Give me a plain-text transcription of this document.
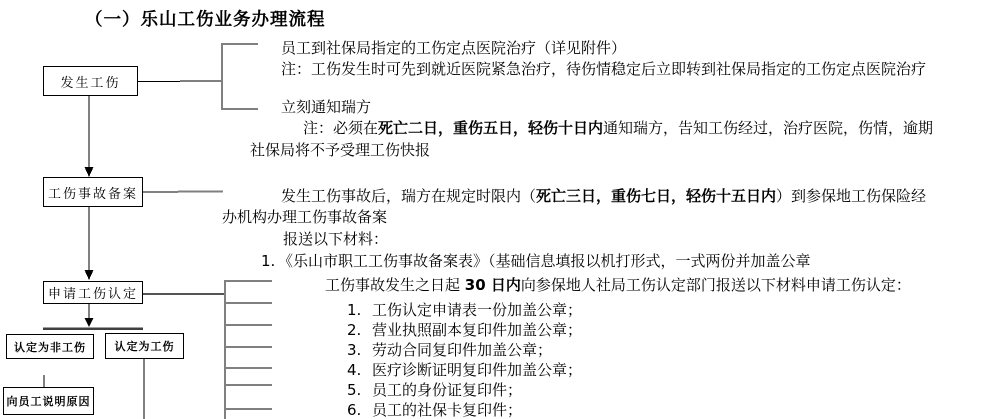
（一）乐山工伤业务办理流程
发生工伤
工伤事故备案
申请工伤认定
认定为非工伤	认定为工伤
向员工说明原因
员工到社保局指定的工伤定点医院治疗（详见附件）
注：工伤发生时可先到就近医院紧急治疗，待伤情稳定后立即转到社保局指定的工伤定点医院治疗
立刻通知瑞方
注：必须在死亡二日，重伤五日，轻伤十日内通知瑞方，告知工伤经过，治疗医院，伤情，逾期
社保局将不予受理工伤快报
发生工伤事故后，瑞方在规定时限内（死亡三日，重伤七日，轻伤十五日内）到参保地工伤保险经
办机构办理工伤事故备案
报送以下材料：
1. 《乐山市职工工伤事故备案表》（基础信息填报以机打形式，一式两份并加盖公章
工伤事故发生之日起 30 日内向参保地人社局工伤认定部门报送以下材料申请工伤认定：
1. 工伤认定申请表一份加盖公章；
2. 营业执照副本复印件加盖公章；
3. 劳动合同复印件加盖公章；
4. 医疗诊断证明复印件加盖公章；
5. 员工的身份证复印件；
6. 员工的社保卡复印件；
